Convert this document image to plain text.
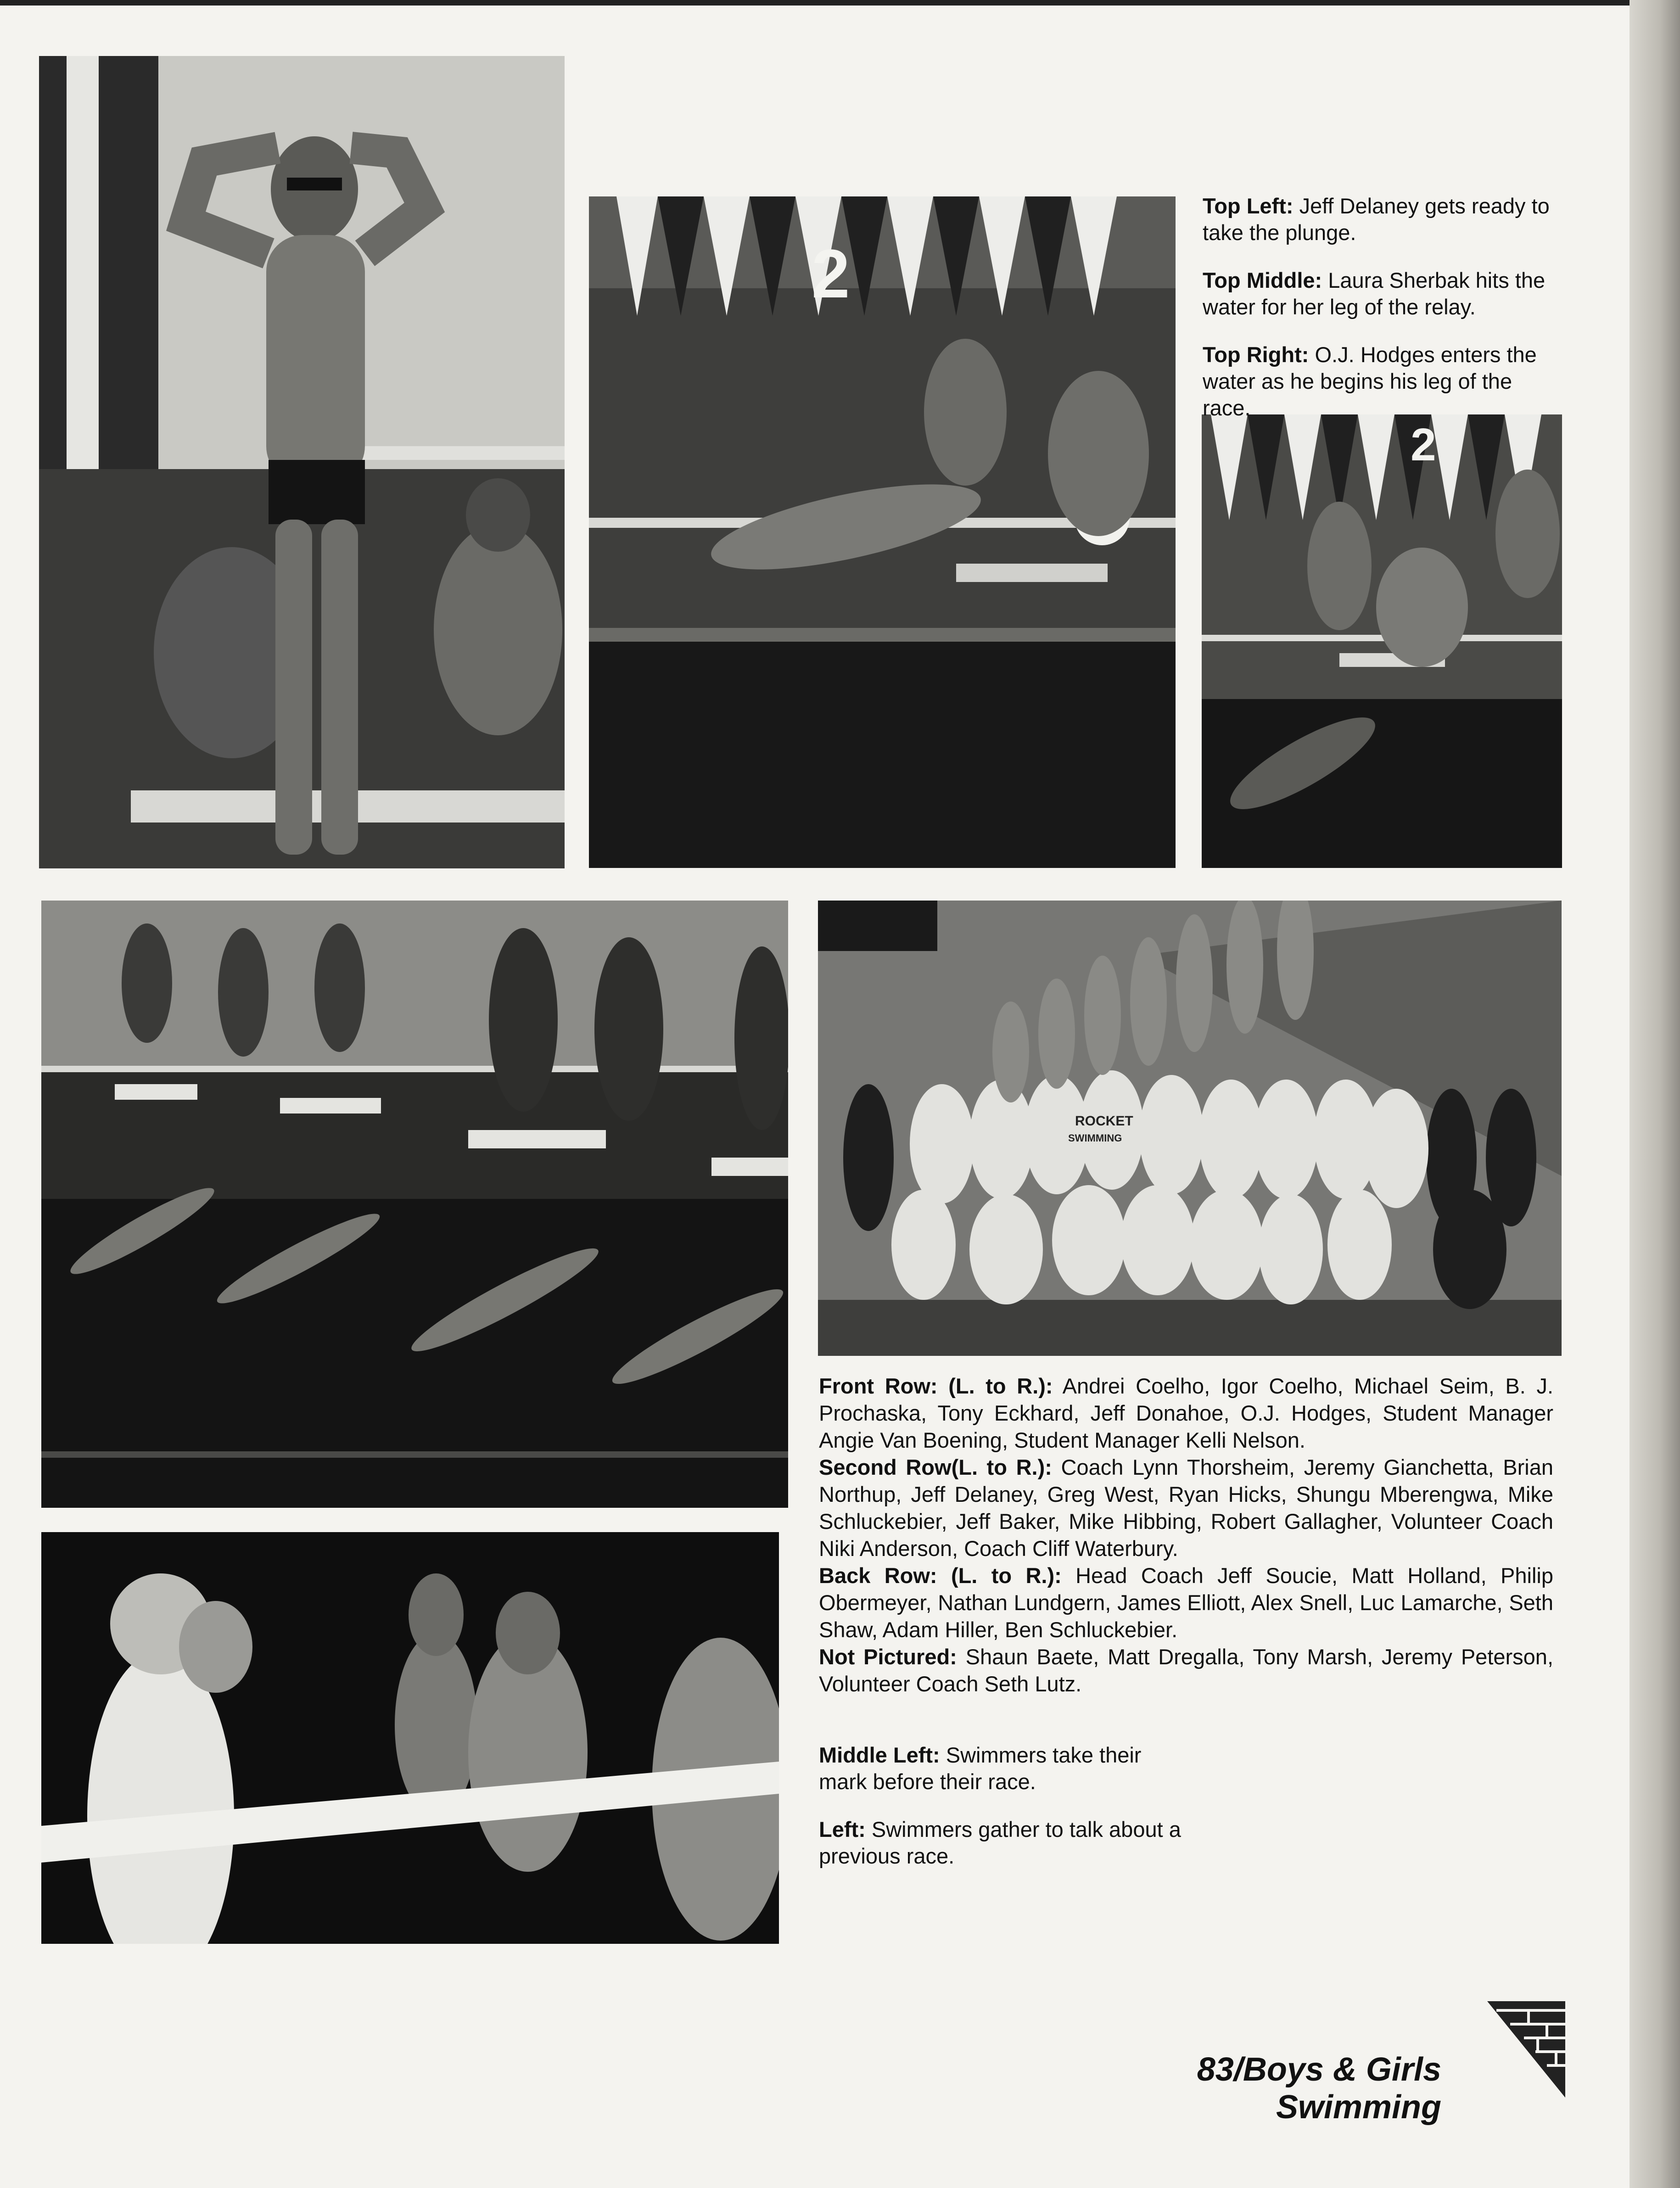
2
2
ROCKET
SWIMMING

Top Left: Jeff Delaney gets ready to take the plunge.

Top Middle: Laura Sherbak hits the water for her leg of the relay.

Top Right: O.J. Hodges enters the water as he begins his leg of the race.

Front Row: (L. to R.): Andrei Coelho, Igor Coelho, Michael Seim, B. J. Prochaska, Tony Eckhard, Jeff Donahoe, O.J. Hodges, Student Manager Angie Van Boening, Student Manager Kelli Nelson.

Second Row(L. to R.): Coach Lynn Thorsheim, Jeremy Gianchetta, Brian Northup, Jeff Delaney, Greg West, Ryan Hicks, Shungu Mberengwa, Mike Schluckebier, Jeff Baker, Mike Hibbing, Robert Gallagher, Volunteer Coach Niki Anderson, Coach Cliff Waterbury.

Back Row: (L. to R.): Head Coach Jeff Soucie, Matt Holland, Philip Obermeyer, Nathan Lundgern, James Elliott, Alex Snell, Luc Lamarche, Seth Shaw, Adam Hiller, Ben Schluckebier.

Not Pictured: Shaun Baete, Matt Dregalla, Tony Marsh, Jeremy Peterson, Volunteer Coach Seth Lutz.

Middle Left: Swimmers take their mark before their race.

Left: Swimmers gather to talk about a previous race.

83/Boys & Girls Swimming
